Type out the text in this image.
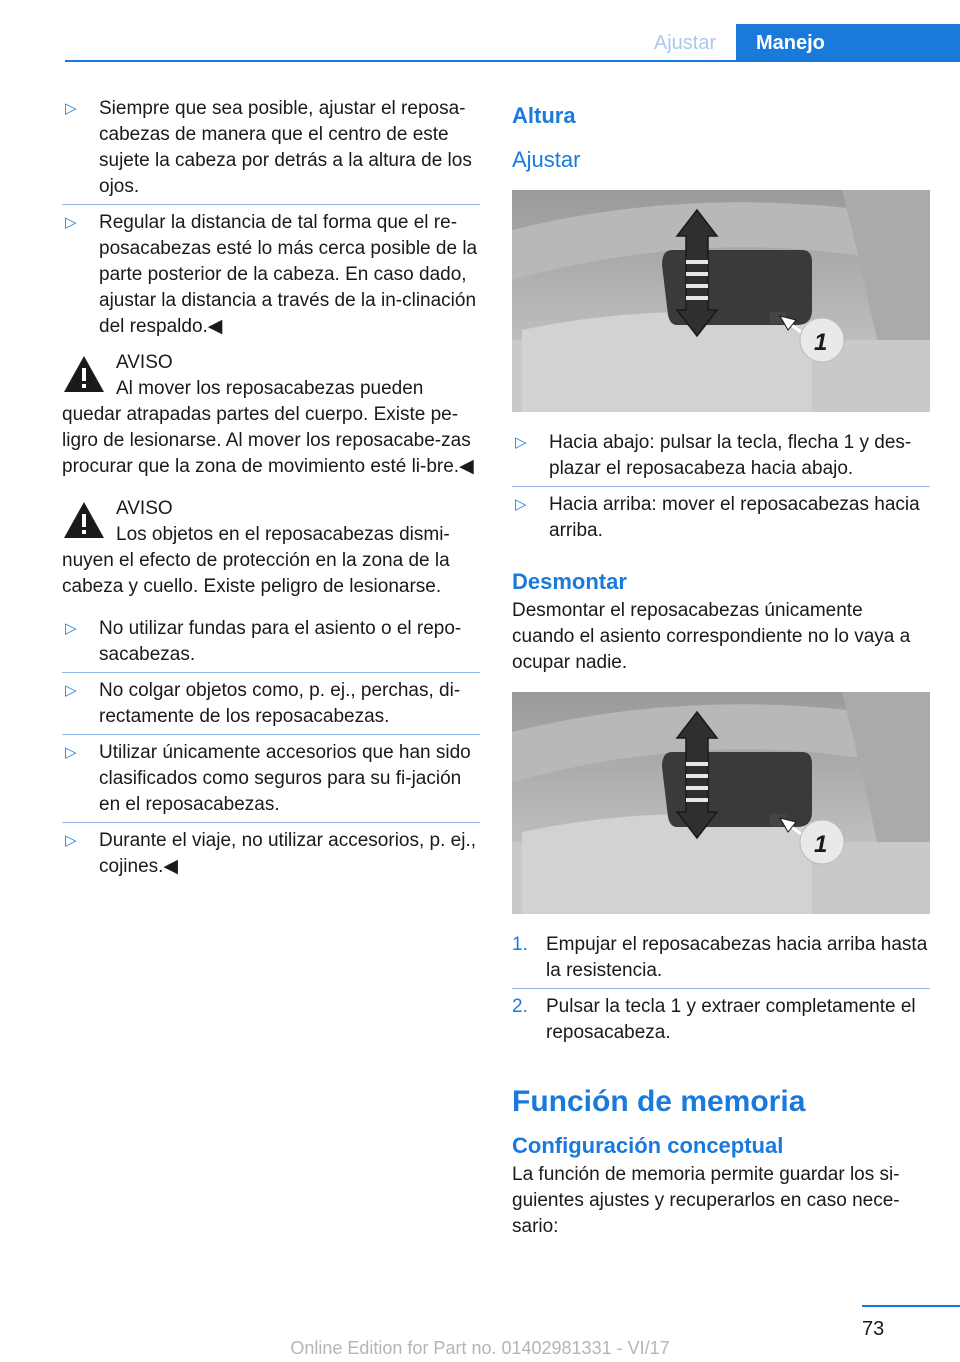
Ajustar	Manejo
▷ Siempre que sea posible, ajustar el reposa‐cabezas de manera que el centro de este sujete la cabeza por detrás a la altura de los ojos.
▷ Regular la distancia de tal forma que el re‐posacabezas esté lo más cerca posible de la parte posterior de la cabeza. En caso dado, ajustar la distancia a través de la in‐clinación del respaldo.◀
AVISO
Al mover los reposacabezas pueden
quedar atrapadas partes del cuerpo. Existe pe‐ligro de lesionarse. Al mover los reposacabe‐zas procurar que la zona de movimiento esté li‐bre.◀
AVISO
Los objetos en el reposacabezas dismi‐
nuyen el efecto de protección en la zona de la cabeza y cuello. Existe peligro de lesionarse.
▷ No utilizar fundas para el asiento o el repo‐sacabezas.
▷ No colgar objetos como, p. ej., perchas, di‐rectamente de los reposacabezas.
▷ Utilizar únicamente accesorios que han sido clasificados como seguros para su fi‐jación en el reposacabezas.
▷ Durante el viaje, no utilizar accesorios, p. ej., cojines.◀
Altura
Ajustar
1
▷ Hacia abajo: pulsar la tecla, flecha 1 y des‐plazar el reposacabeza hacia abajo.
▷ Hacia arriba: mover el reposacabezas hacia arriba.
Desmontar
Desmontar el reposacabezas únicamente cuando el asiento correspondiente no lo vaya a ocupar nadie.
1
1. Empujar el reposacabezas hacia arriba hasta la resistencia.
2. Pulsar la tecla 1 y extraer completamente el reposacabeza.
Función de memoria
Configuración conceptual
La función de memoria permite guardar los si‐guientes ajustes y recuperarlos en caso nece‐sario:
73
Online Edition for Part no. 01402981331 - VI/17
